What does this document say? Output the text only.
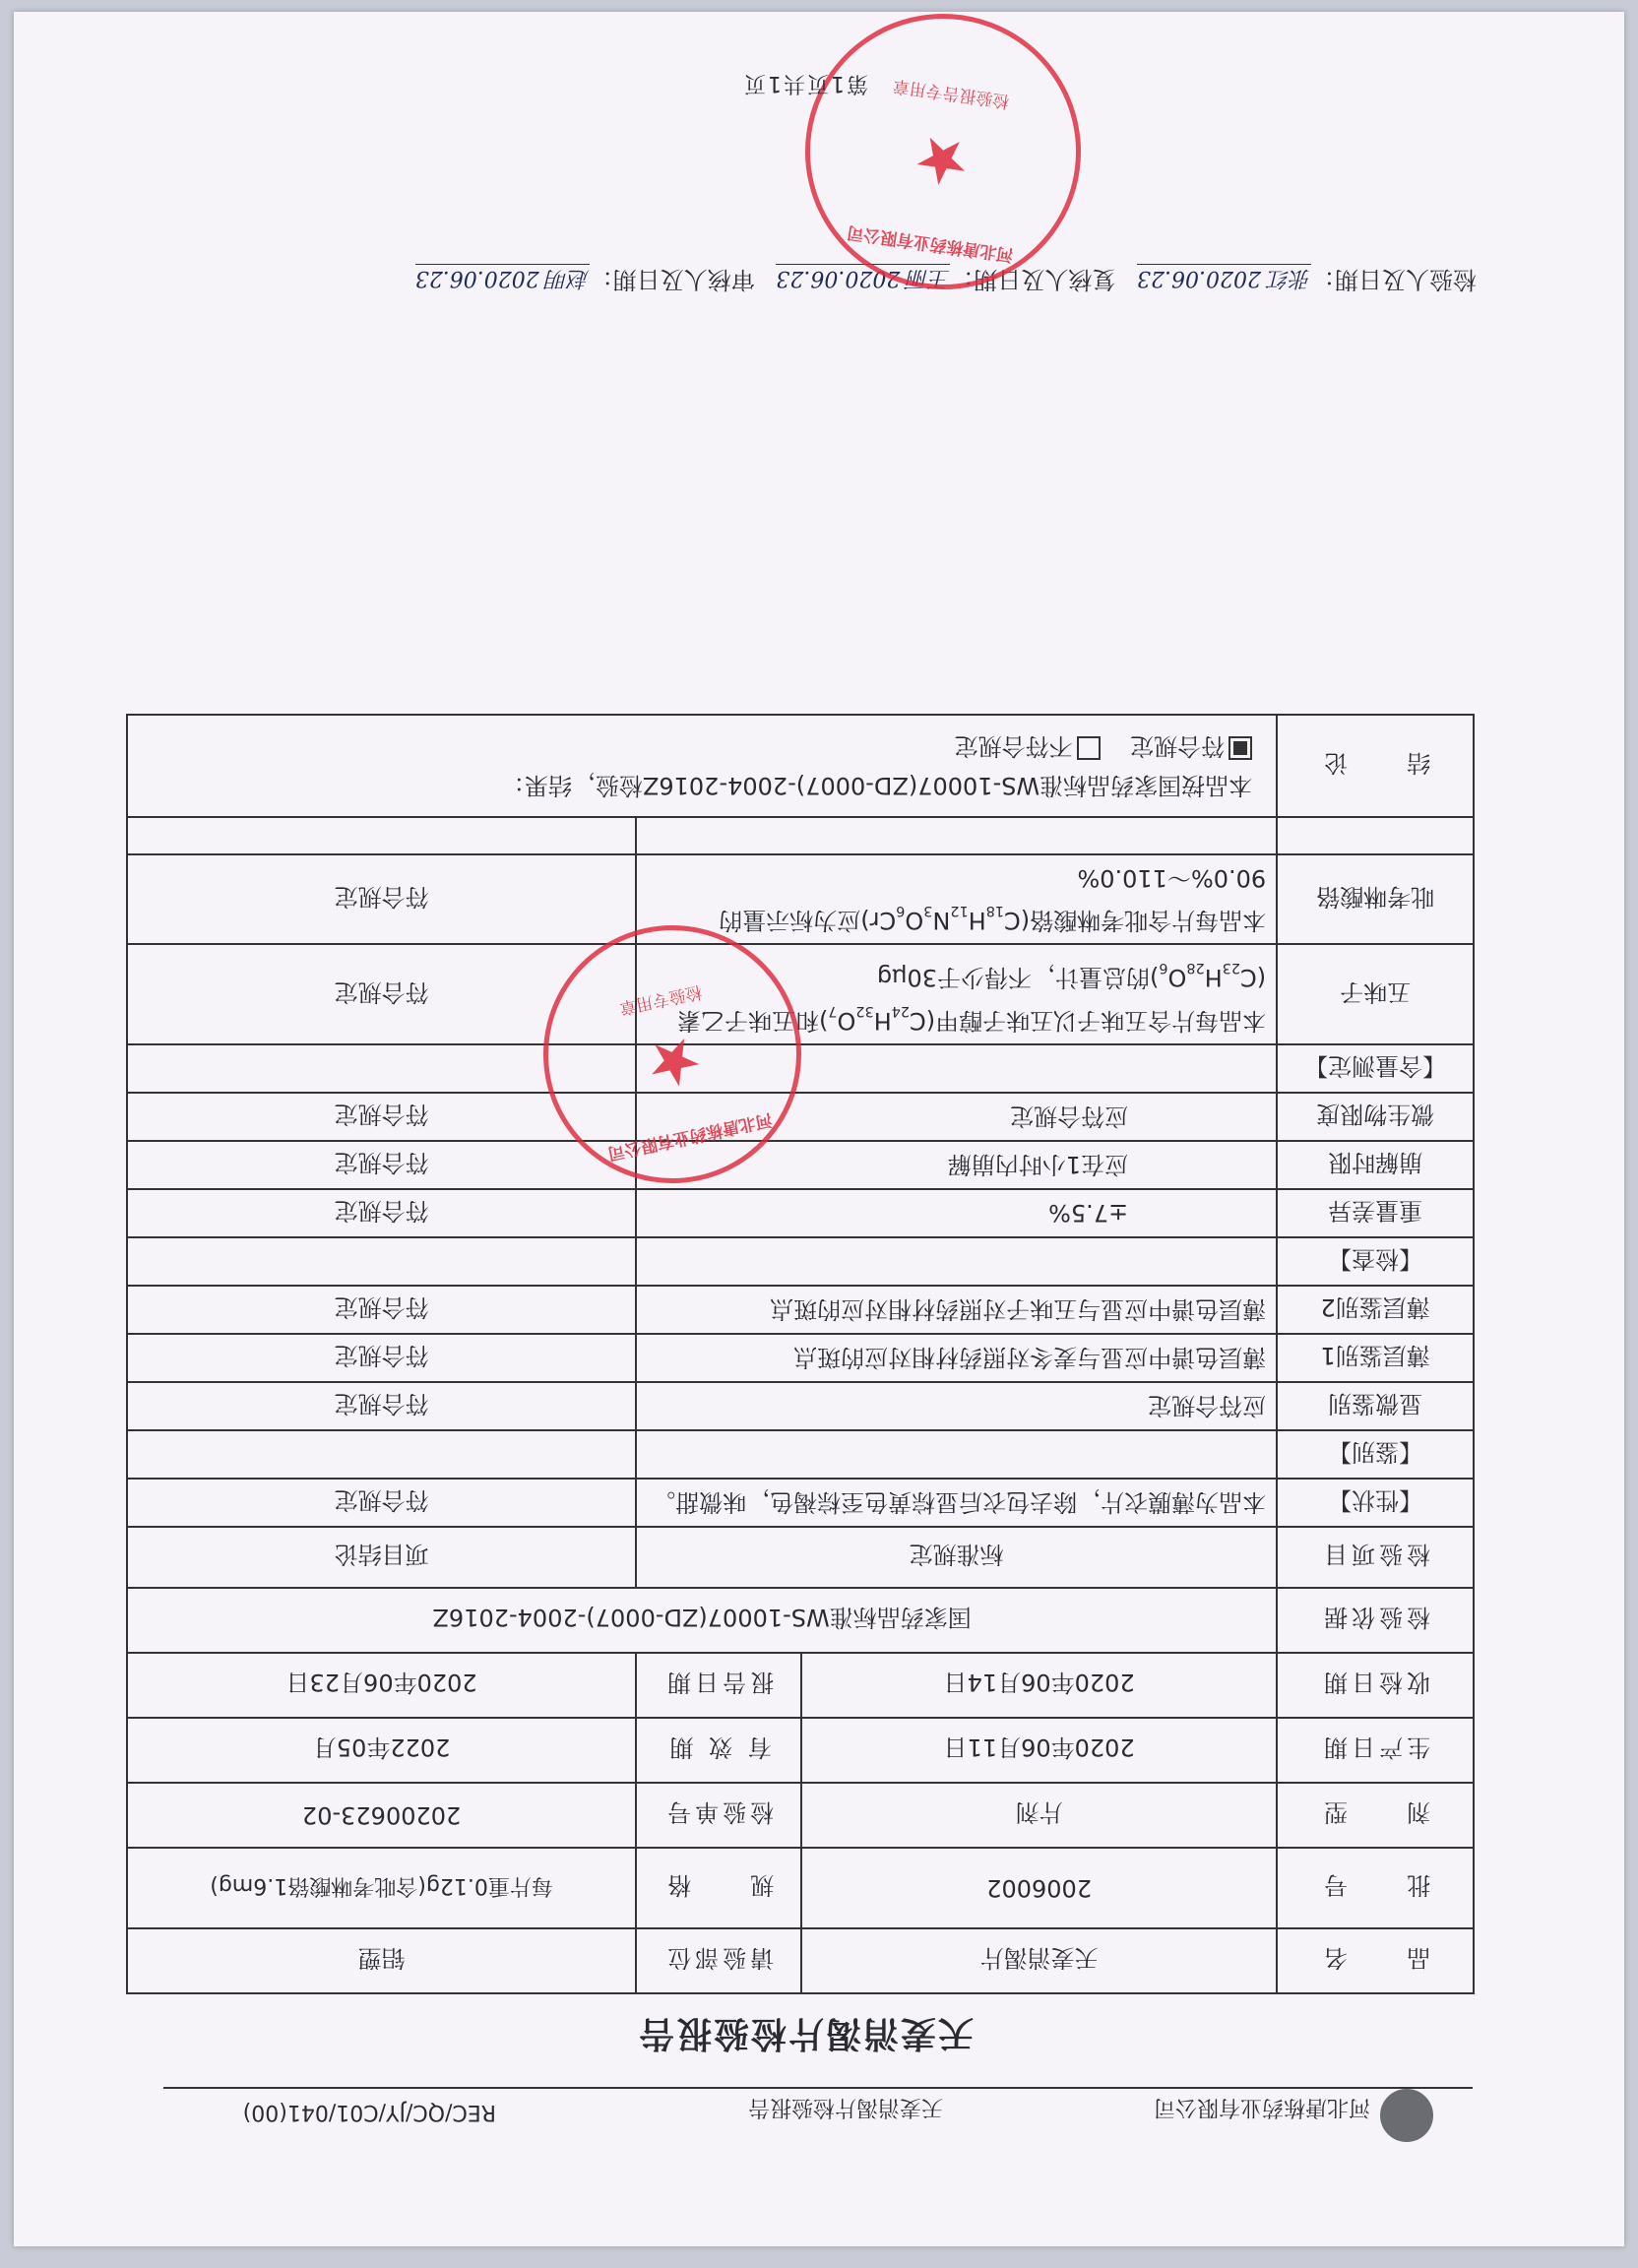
河北唐栋药业有限公司
天麦消渴片检验报告
REC/QC/JY/C01/041(00)
天麦消渴片检验报告
品　　名	天麦消渴片	请验部位	铝塑
批　　号	2006002	规　　格	每片重0.12g(含吡考啉酸铬1.6mg)
剂　　型	片剂	检验单号	20200623-02
生产日期	2020年06月11日	有 效 期	2022年05月
收检日期	2020年06月14日	报告日期	2020年06月23日
检验依据	国家药品标准WS-10007(ZD-0007)-2004-2016Z		
检验项目	标准规定		项目结论
【性状】	本品为薄膜衣片，除去包衣后显棕黄色至棕褐色，味微甜。		符合规定
【鉴别】			
显微鉴别	应符合规定		符合规定
薄层鉴别1	薄层色谱中应显与麦冬对照药材相对应的斑点		符合规定
薄层鉴别2	薄层色谱中应显与五味子对照药材相对应的斑点		符合规定
【检查】			
重量差异	±7.5%		符合规定
崩解时限	应在1小时内崩解		符合规定
微生物限度	应符合规定		符合规定
【含量测定】			
五味子	本品每片含五味子以五味子醇甲$(C_{24}H_{32}O_7)$和五味子乙素$(C_{23}H_{28}O_6)$的总量计，不得少于30μg		符合规定
吡考啉酸铬	本品每片含吡考啉酸铬$(C_{18}H_{12}N_3O_6Cr)$应为标示量的90.0%～110.0%		符合规定

结　　论	本品按国家药品标准WS-10007(ZD-0007)-2004-2016Z检验，结果：
符合规定    不符合规定		
检验人及日期：张红 2020.06.23 复核人及日期：王丽 2020.06.23 审核人及日期：赵明 2020.06.23
河北唐栋药业有限公司
★
检验专用章
河北唐栋药业有限公司
★
检验报告专用章
第1页共1页
